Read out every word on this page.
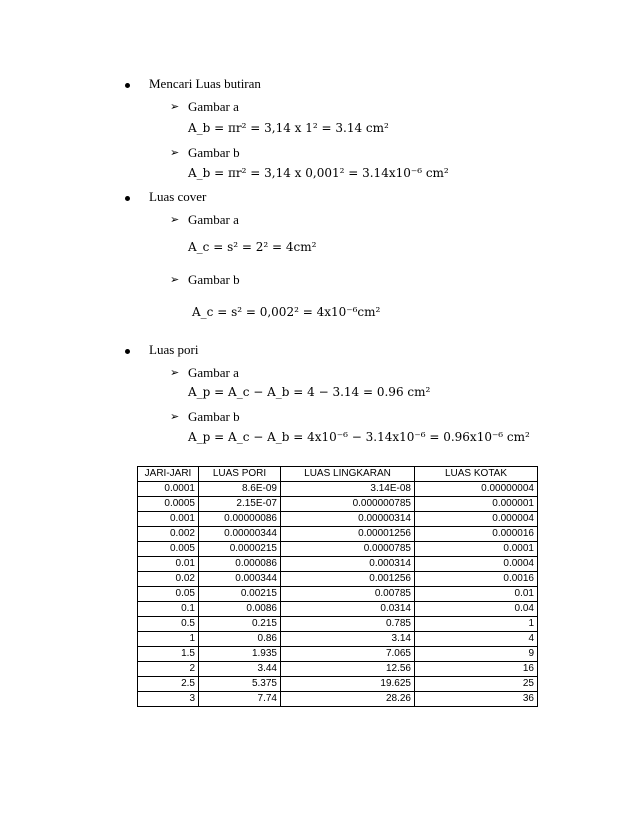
Mencari Luas butiran
➢ Gambar a
A_b = πr² = 3,14 x 1² = 3.14 cm²
➢ Gambar b
A_b = πr² = 3,14 x 0,001² = 3.14x10⁻⁶ cm²
Luas cover
➢ Gambar a
A_c = s² = 2² = 4cm²
➢ Gambar b
A_c = s² = 0,002² = 4x10⁻⁶cm²
Luas pori
➢ Gambar a
A_p = A_c − A_b = 4 − 3.14 = 0.96 cm²
➢ Gambar b
A_p = A_c − A_b = 4x10⁻⁶ − 3.14x10⁻⁶ = 0.96x10⁻⁶ cm²
JARI-JARI	LUAS PORI	LUAS LINGKARAN	LUAS KOTAK
0.0001	8.6E-09	3.14E-08	0.00000004
0.0005	2.15E-07	0.000000785	0.000001
0.001	0.00000086	0.00000314	0.000004
0.002	0.00000344	0.00001256	0.000016
0.005	0.0000215	0.0000785	0.0001
0.01	0.000086	0.000314	0.0004
0.02	0.000344	0.001256	0.0016
0.05	0.00215	0.00785	0.01
0.1	0.0086	0.0314	0.04
0.5	0.215	0.785	1
1	0.86	3.14	4
1.5	1.935	7.065	9
2	3.44	12.56	16
2.5	5.375	19.625	25
3	7.74	28.26	36
